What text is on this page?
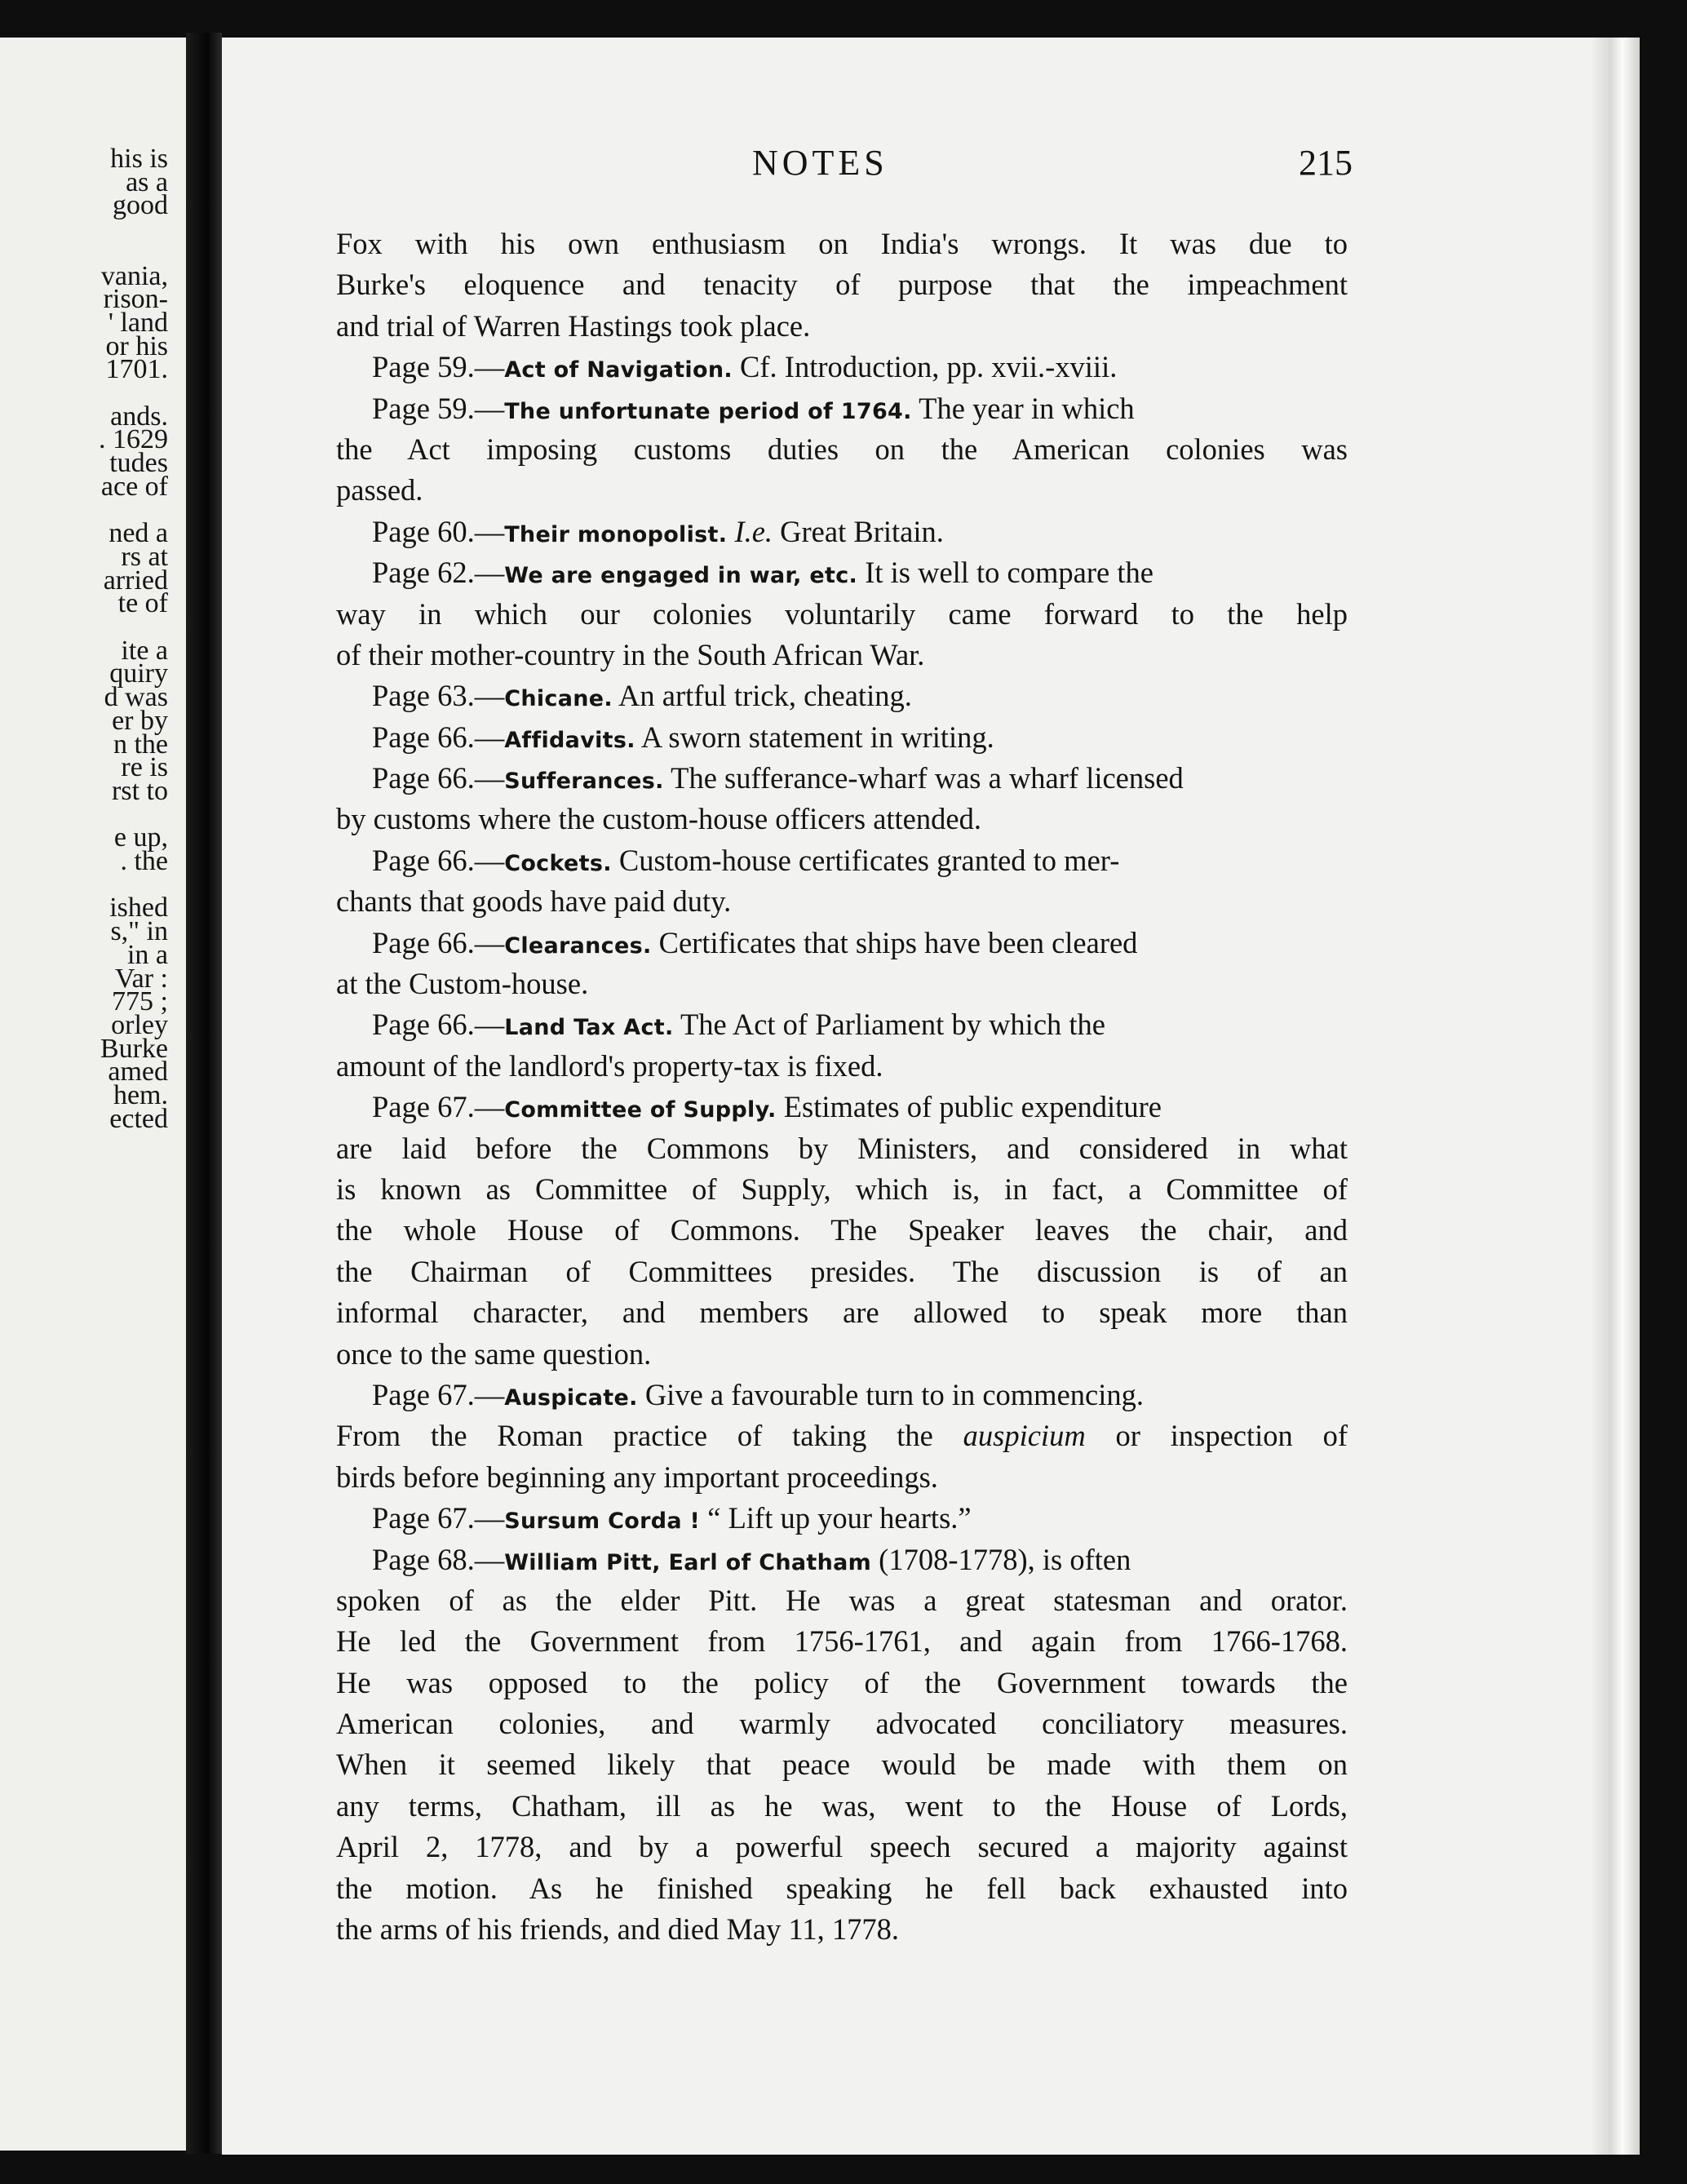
his is
as a
good
vania,
rison-
' land
or his
1701.
ands.
. 1629
tudes
ace of
ned a
rs at
arried
te of
ite a
quiry
d was
er by
n the
re is
rst to
e up,
. the
ished
s," in
in a
Var :
775 ;
orley
Burke
amed
hem.
ected
NOTES	215
Fox with his own enthusiasm on India's wrongs. It was due to
Burke's eloquence and tenacity of purpose that the impeachment
and trial of Warren Hastings took place.
Page 59.—Act of Navigation. Cf. Introduction, pp. xvii.-xviii.
Page 59.—The unfortunate period of 1764. The year in which
the Act imposing customs duties on the American colonies was
passed.
Page 60.—Their monopolist. I.e. Great Britain.
Page 62.—We are engaged in war, etc. It is well to compare the
way in which our colonies voluntarily came forward to the help
of their mother-country in the South African War.
Page 63.—Chicane. An artful trick, cheating.
Page 66.—Affidavits. A sworn statement in writing.
Page 66.—Sufferances. The sufferance-wharf was a wharf licensed
by customs where the custom-house officers attended.
Page 66.—Cockets. Custom-house certificates granted to mer-
chants that goods have paid duty.
Page 66.—Clearances. Certificates that ships have been cleared
at the Custom-house.
Page 66.—Land Tax Act. The Act of Parliament by which the
amount of the landlord's property-tax is fixed.
Page 67.—Committee of Supply. Estimates of public expenditure
are laid before the Commons by Ministers, and considered in what
is known as Committee of Supply, which is, in fact, a Committee of
the whole House of Commons. The Speaker leaves the chair, and
the Chairman of Committees presides. The discussion is of an
informal character, and members are allowed to speak more than
once to the same question.
Page 67.—Auspicate. Give a favourable turn to in commencing.
From the Roman practice of taking the auspicium or inspection of
birds before beginning any important proceedings.
Page 67.—Sursum Corda ! “ Lift up your hearts.”
Page 68.—William Pitt, Earl of Chatham (1708-1778), is often
spoken of as the elder Pitt. He was a great statesman and orator.
He led the Government from 1756-1761, and again from 1766-1768.
He was opposed to the policy of the Government towards the
American colonies, and warmly advocated conciliatory measures.
When it seemed likely that peace would be made with them on
any terms, Chatham, ill as he was, went to the House of Lords,
April 2, 1778, and by a powerful speech secured a majority against
the motion. As he finished speaking he fell back exhausted into
the arms of his friends, and died May 11, 1778.
